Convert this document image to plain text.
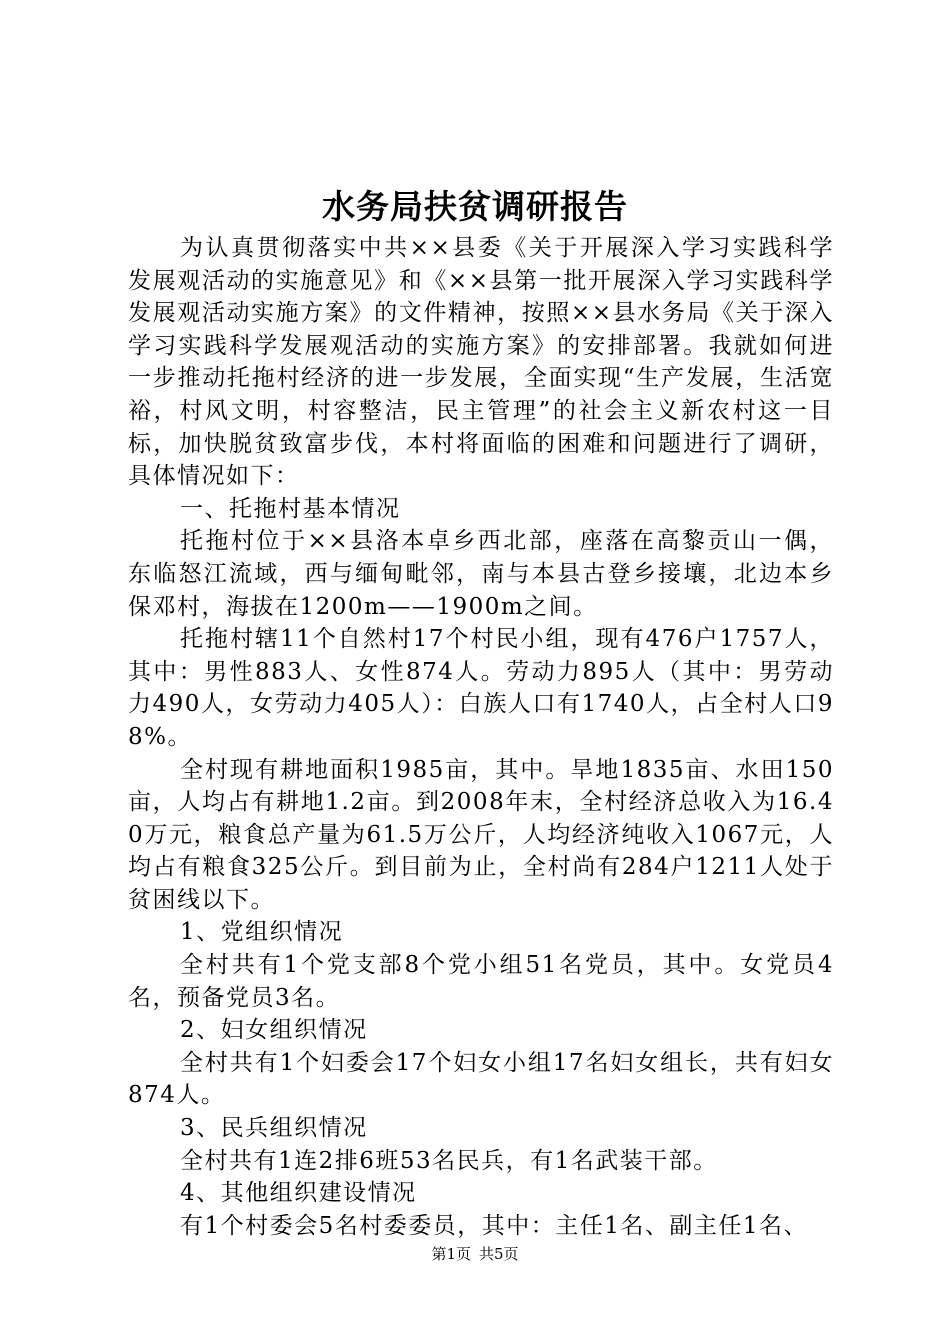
水务局扶贫调研报告

为认真贯彻落实中共××县委《关于开展深入学习实践科学发展观活动的实施意见》和《××县第一批开展深入学习实践科学发展观活动实施方案》的文件精神，按照××县水务局《关于深入学习实践科学发展观活动的实施方案》的安排部署。我就如何进一步推动托拖村经济的进一步发展，全面实现“生产发展，生活宽裕，村风文明，村容整洁，民主管理”的社会主义新农村这一目标，加快脱贫致富步伐，本村将面临的困难和问题进行了调研，具体情况如下：

一、托拖村基本情况

托拖村位于××县洛本卓乡西北部，座落在高黎贡山一偶，东临怒江流域，西与缅甸毗邻，南与本县古登乡接壤，北边本乡保邓村，海拔在1200m——1900m之间。

托拖村辖11个自然村17个村民小组，现有476户1757人，其中：男性883人、女性874人。劳动力895人（其中：男劳动力490人，女劳动力405人）：白族人口有1740人，占全村人口98%。

全村现有耕地面积1985亩，其中。旱地1835亩、水田150亩，人均占有耕地1.2亩。到2008年末，全村经济总收入为16.40万元，粮食总产量为61.5万公斤，人均经济纯收入1067元，人均占有粮食325公斤。到目前为止，全村尚有284户1211人处于贫困线以下。

1、党组织情况

全村共有1个党支部8个党小组51名党员，其中。女党员4名，预备党员3名。

2、妇女组织情况

全村共有1个妇委会17个妇女小组17名妇女组长，共有妇女874人。

3、民兵组织情况

全村共有1连2排6班53名民兵，有1名武装干部。

4、其他组织建设情况

有1个村委会5名村委委员，其中：主任1名、副主任1名、

第1页 共5页
